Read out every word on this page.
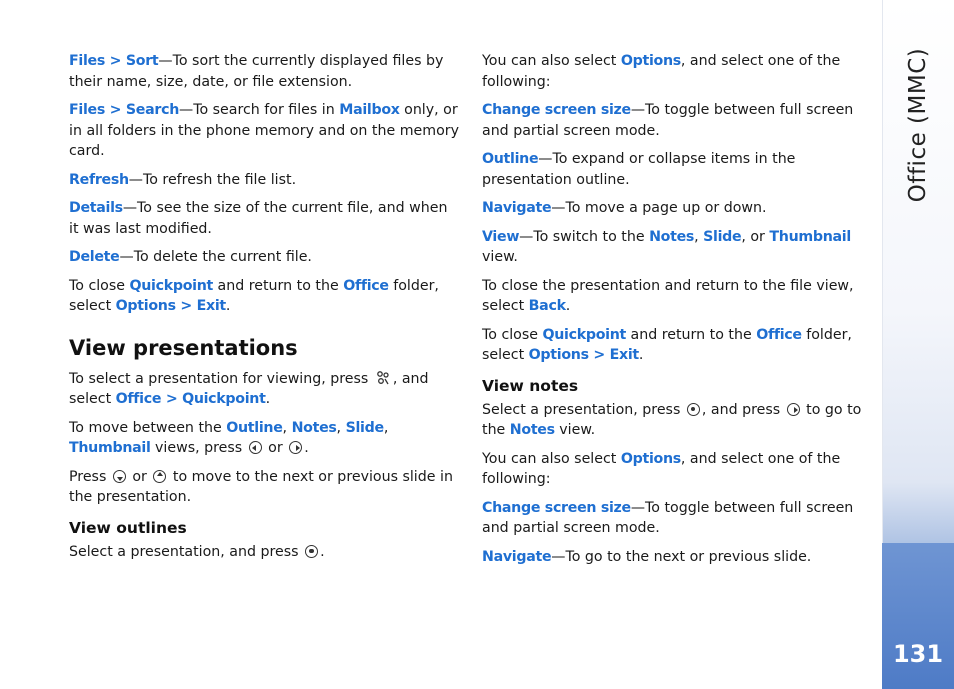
Files > Sort—To sort the currently displayed files by their name, size, date, or file extension.

Files > Search—To search for files in Mailbox only, or in all folders in the phone memory and on the memory card.

Refresh—To refresh the file list.

Details—To see the size of the current file, and when it was last modified.

Delete—To delete the current file.

To close Quickpoint and return to the Office folder, select Options > Exit.

View presentations

To select a presentation for viewing, press , and select Office > Quickpoint.

To move between the Outline, Notes, Slide, Thumbnail views, press  or .

Press  or  to move to the next or previous slide in the presentation.

View outlines

Select a presentation, and press .

You can also select Options, and select one of the following:

Change screen size—To toggle between full screen and partial screen mode.

Outline—To expand or collapse items in the presentation outline.

Navigate—To move a page up or down.

View—To switch to the Notes, Slide, or Thumbnail view.

To close the presentation and return to the file view, select Back.

To close Quickpoint and return to the Office folder, select Options > Exit.

View notes

Select a presentation, press , and press  to go to the Notes view.

You can also select Options, and select one of the following:

Change screen size—To toggle between full screen and partial screen mode.

Navigate—To go to the next or previous slide.

Office (MMC)
131
